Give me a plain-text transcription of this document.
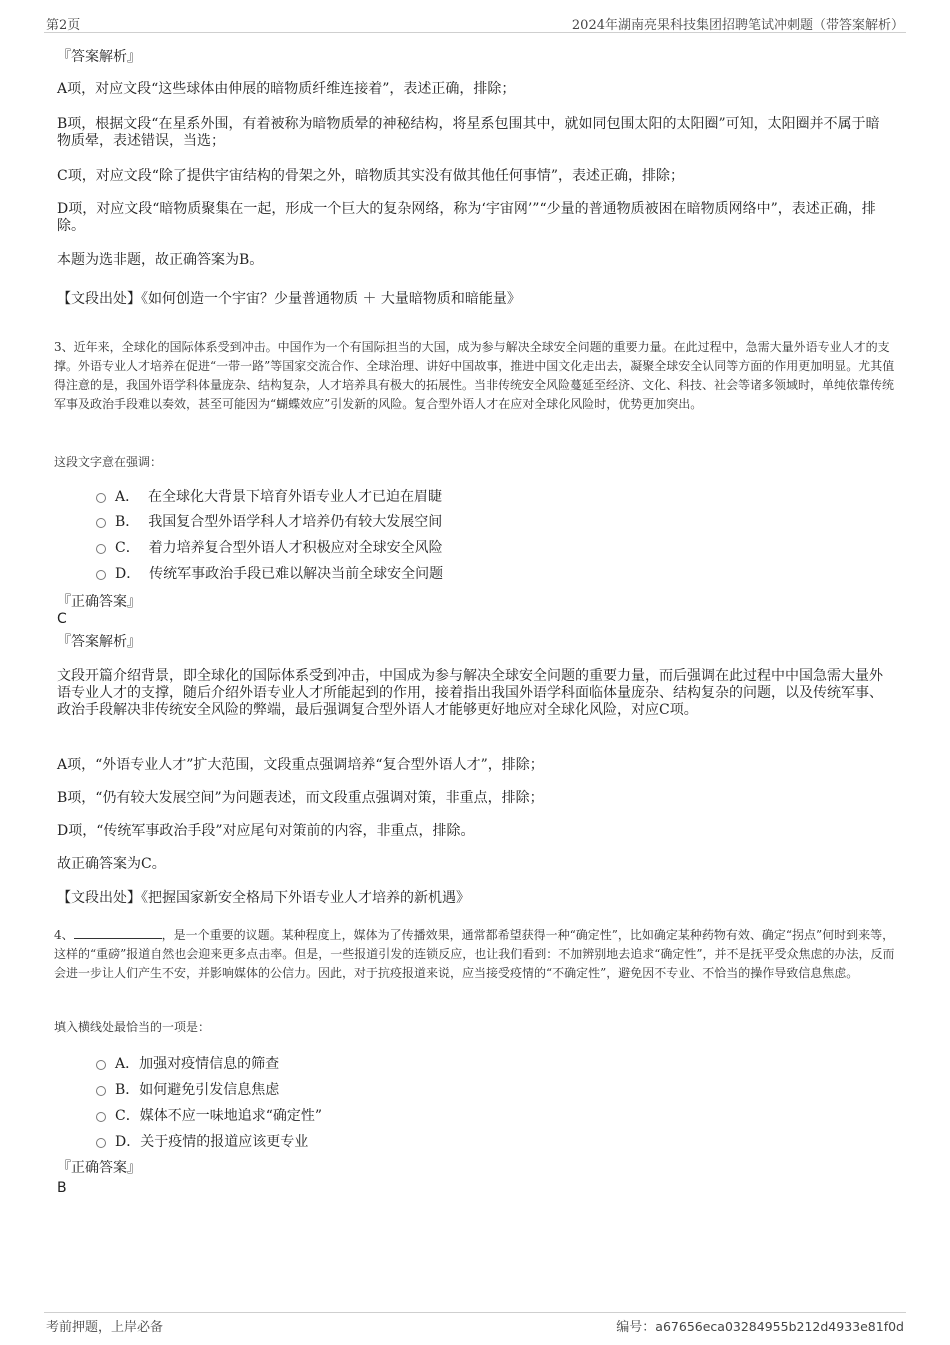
第2页	2024年湖南亮果科技集团招聘笔试冲刺题（带答案解析）
『答案解析』

A项，对应文段“这些球体由伸展的暗物质纤维连接着”，表述正确，排除；

B项，根据文段“在星系外围，有着被称为暗物质晕的神秘结构，将星系包围其中，就如同包围太阳的太阳圈”可知，太阳圈并不属于暗物质晕，表述错误，当选；

C项，对应文段“除了提供宇宙结构的骨架之外，暗物质其实没有做其他任何事情”，表述正确，排除；

D项，对应文段“暗物质聚集在一起，形成一个巨大的复杂网络，称为‘宇宙网’”“少量的普通物质被困在暗物质网络中”，表述正确，排除。

本题为选非题，故正确答案为B。

【文段出处】《如何创造一个宇宙？少量普通物质 ＋ 大量暗物质和暗能量》

3、近年来，全球化的国际体系受到冲击。中国作为一个有国际担当的大国，成为参与解决全球安全问题的重要力量。在此过程中，急需大量外语专业人才的支撑。外语专业人才培养在促进“一带一路”等国家交流合作、全球治理、讲好中国故事，推进中国文化走出去，凝聚全球安全认同等方面的作用更加明显。尤其值得注意的是，我国外语学科体量庞杂、结构复杂，人才培养具有极大的拓展性。当非传统安全风险蔓延至经济、文化、科技、社会等诸多领域时，单纯依靠传统军事及政治手段难以奏效，甚至可能因为“蝴蝶效应”引发新的风险。复合型外语人才在应对全球化风险时，优势更加突出。

这段文字意在强调：

A． 在全球化大背景下培育外语专业人才已迫在眉睫
B． 我国复合型外语学科人才培养仍有较大发展空间
C． 着力培养复合型外语人才积极应对全球安全风险
D． 传统军事政治手段已难以解决当前全球安全问题
『正确答案』
C
『答案解析』

文段开篇介绍背景，即全球化的国际体系受到冲击，中国成为参与解决全球安全问题的重要力量，而后强调在此过程中中国急需大量外语专业人才的支撑，随后介绍外语专业人才所能起到的作用，接着指出我国外语学科面临体量庞杂、结构复杂的问题，以及传统军事、政治手段解决非传统安全风险的弊端，最后强调复合型外语人才能够更好地应对全球化风险，对应C项。

A项，“外语专业人才”扩大范围，文段重点强调培养“复合型外语人才”，排除；

B项，“仍有较大发展空间”为问题表述，而文段重点强调对策，非重点，排除；

D项，“传统军事政治手段”对应尾句对策前的内容，非重点，排除。

故正确答案为C。

【文段出处】《把握国家新安全格局下外语专业人才培养的新机遇》

4、	，是一个重要的议题。某种程度上，媒体为了传播效果，通常都希望获得一种“确定性”，比如确定某种药物有效、确定“拐点”何时到来等，这样的“重磅”报道自然也会迎来更多点击率。但是，一些报道引发的连锁反应，也让我们看到：不加辨别地去追求“确定性”，并不是抚平受众焦虑的办法，反而会进一步让人们产生不安，并影响媒体的公信力。因此，对于抗疫报道来说，应当接受疫情的“不确定性”，避免因不专业、不恰当的操作导致信息焦虑。

填入横线处最恰当的一项是：

A．加强对疫情信息的筛查
B．如何避免引发信息焦虑
C．媒体不应一味地追求“确定性”
D．关于疫情的报道应该更专业
『正确答案』
B
考前押题，上岸必备	编号：a67656eca03284955b212d4933e81f0d
